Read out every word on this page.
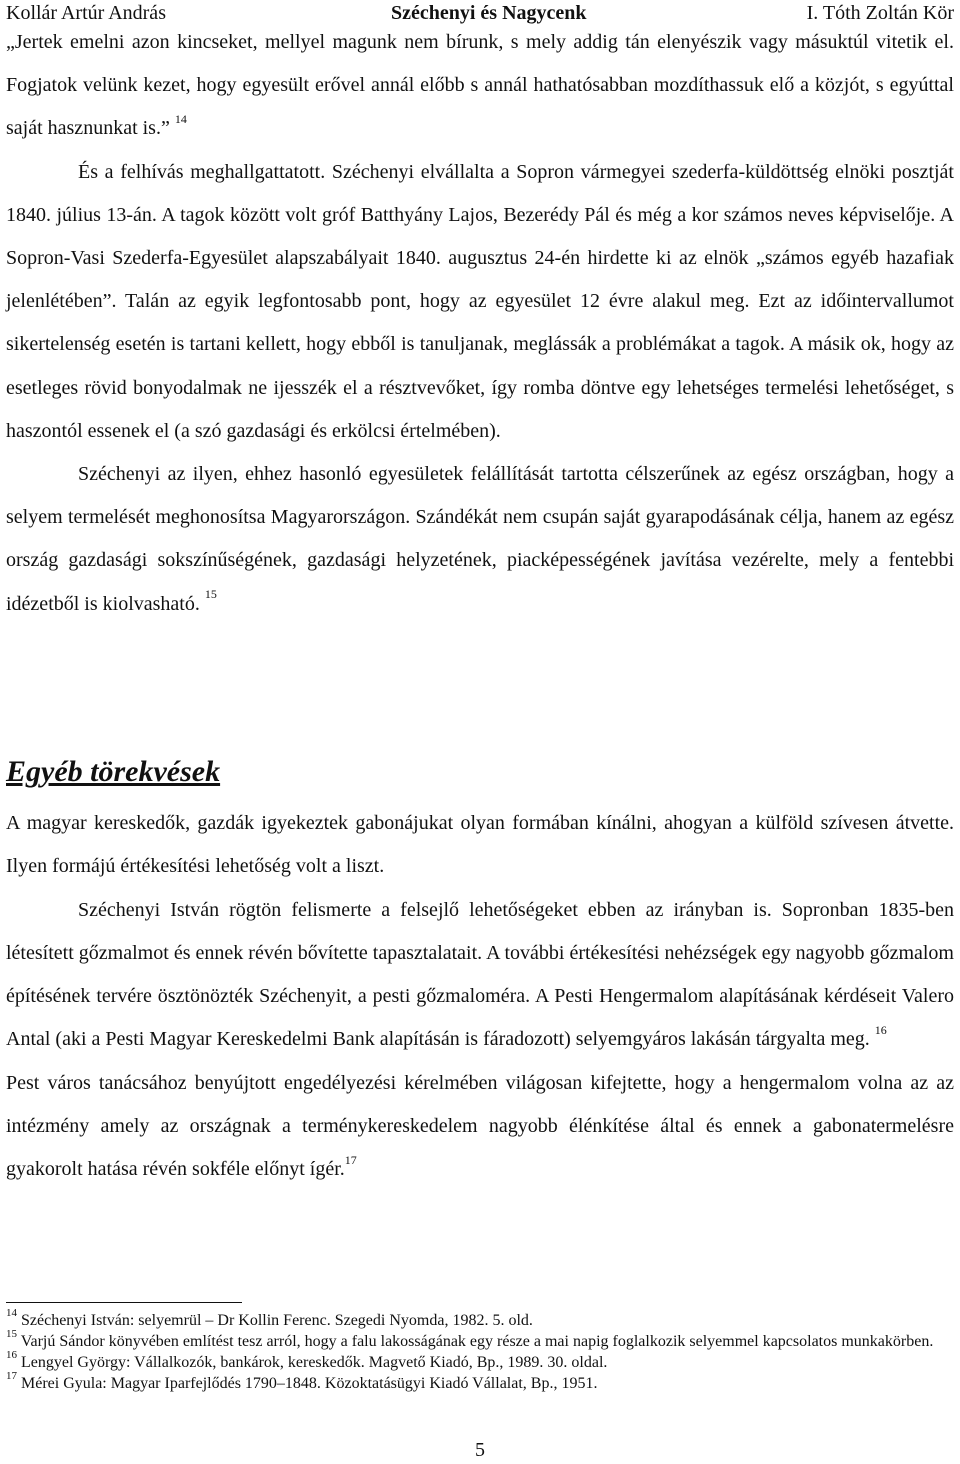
Kollár Artúr András	Széchenyi és Nagycenk	I. Tóth Zoltán Kör

„Jertek emelni azon kincseket, mellyel magunk nem bírunk, s mely addig tán elenyészik vagy másuktúl vitetik el. Fogjatok velünk kezet, hogy egyesült erővel annál előbb s annál hathatósabban mozdíthassuk elő a közjót, s egyúttal saját hasznunkat is.” $^{14}$

És a felhívás meghallgattatott. Széchenyi elvállalta a Sopron vármegyei szederfa-küldöttség elnöki posztját 1840. július 13-án. A tagok között volt gróf Batthyány Lajos, Bezerédy Pál és még a kor számos neves képviselője. A Sopron-Vasi Szederfa-Egyesület alapszabályait 1840. augusztus 24-én hirdette ki az elnök „számos egyéb hazafiak jelenlétében”. Talán az egyik legfontosabb pont, hogy az egyesület 12 évre alakul meg. Ezt az időintervallumot sikertelenség esetén is tartani kellett, hogy ebből is tanuljanak, meglássák a problémákat a tagok. A másik ok, hogy az esetleges rövid bonyodalmak ne ijesszék el a résztvevőket, így romba döntve egy lehetséges termelési lehetőséget, s haszontól essenek el (a szó gazdasági és erkölcsi értelmében).

Széchenyi az ilyen, ehhez hasonló egyesületek felállítását tartotta célszerűnek az egész országban, hogy a selyem termelését meghonosítsa Magyarországon. Szándékát nem csupán saját gyarapodásának célja, hanem az egész ország gazdasági sokszínűségének, gazdasági helyzetének, piacképességének javítása vezérelte, mely a fentebbi idézetből is kiolvasható. $^{15}$

Egyéb törekvések

A magyar kereskedők, gazdák igyekeztek gabonájukat olyan formában kínálni, ahogyan a külföld szívesen átvette. Ilyen formájú értékesítési lehetőség volt a liszt.

Széchenyi István rögtön felismerte a felsejlő lehetőségeket ebben az irányban is. Sopronban 1835-ben létesített gőzmalmot és ennek révén bővítette tapasztalatait. A további értékesítési nehézségek egy nagyobb gőzmalom építésének tervére ösztönözték Széchenyit, a pesti gőzmaloméra. A Pesti Hengermalom alapításának kérdéseit Valero Antal (aki a Pesti Magyar Kereskedelmi Bank alapításán is fáradozott) selyemgyáros lakásán tárgyalta meg. $^{16}$

Pest város tanácsához benyújtott engedélyezési kérelmében világosan kifejtette, hogy a hengermalom volna az az intézmény amely az országnak a terménykereskedelem nagyobb élénkítése által és ennek a gabonatermelésre gyakorolt hatása révén sokféle előnyt ígér.$^{17}$

$^{14}$ Széchenyi István: selyemrül – Dr Kollin Ferenc. Szegedi Nyomda, 1982. 5. old.

$^{15}$ Varjú Sándor könyvében említést tesz arról, hogy a falu lakosságának egy része a mai napig foglalkozik selyemmel kapcsolatos munkakörben.

$^{16}$ Lengyel György: Vállalkozók, bankárok, kereskedők. Magvető Kiadó, Bp., 1989. 30. oldal.

$^{17}$ Mérei Gyula: Magyar Iparfejlődés 1790–1848. Közoktatásügyi Kiadó Vállalat, Bp., 1951.

5
